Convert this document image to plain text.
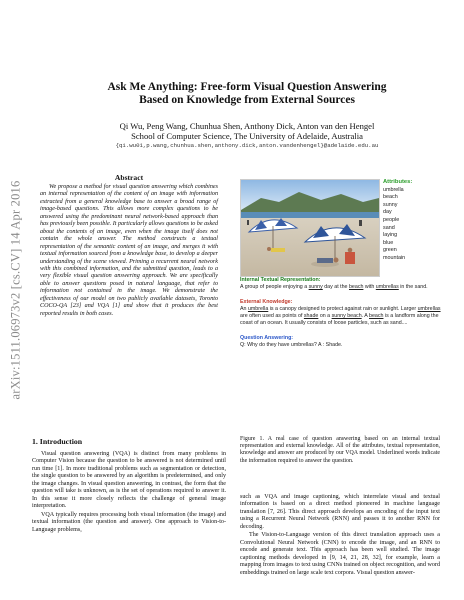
arXiv:1511.06973v2 [cs.CV] 14 Apr 2016
Ask Me Anything: Free-form Visual Question Answering
Based on Knowledge from External Sources
Qi Wu, Peng Wang, Chunhua Shen, Anthony Dick, Anton van den Hengel
School of Computer Science, The University of Adelaide, Australia
{qi.wu01,p.wang,chunhua.shen,anthony.dick,anton.vandenhengel}@adelaide.edu.au
Abstract

We propose a method for visual question answering which combines an internal representation of the content of an image with information extracted from a general knowledge base to answer a broad range of image-based questions. This allows more complex questions to be answered using the predominant neural network-based approach than has previously been possible. It particularly allows questions to be asked about the contents of an image, even when the image itself does not contain the whole answer. The method constructs a textual representation of the semantic content of an image, and merges it with textual information sourced from a knowledge base, to develop a deeper understanding of the scene viewed. Priming a recurrent neural network with this combined information, and the submitted question, leads to a very flexible visual question answering approach. We are specifically able to answer questions posed in natural language, that refer to information not contained in the image. We demonstrate the effectiveness of our model on two publicly available datasets, Toronto COCO-QA [23] and VQA [1] and show that it produces the best reported results in both cases.

1. Introduction

Visual question answering (VQA) is distinct from many problems in Computer Vision because the question to be answered is not determined until run time [1]. In more traditional problems such as segmentation or detection, the single question to be answered by an algorithm is predetermined, and only the image changes. In visual question answering, in contrast, the form that the question will take is unknown, as is the set of operations required to answer it. In this sense it more closely reflects the challenge of general image interpretation.

VQA typically requires processing both visual information (the image) and textual information (the question and answer). One approach to Vision-to-Language problems,

Attributes:
umbrella
beach
sunny
day
people
sand
laying
blue
green
mountain
Internal Textual Representation:
A group of people enjoying a sunny day at the beach with umbrellas in the sand.
External Knowledge:
An umbrella is a canopy designed to protect against rain or sunlight. Larger umbrellas are often used as points of shade on a sunny beach. A beach is a landform along the coast of an ocean. It usually consists of loose particles, such as sand....
Question Answering:
Q: Why do they have umbrellas? A : Shade.
Figure 1. A real case of question answering based on an internal textual representation and external knowledge. All of the attributes, textual representation, knowledge and answer are produced by our VQA model. Underlined words indicate the information required to answer the question.

such as VQA and image captioning, which interrelate visual and textual information is based on a direct method pioneered in machine language translation [7, 26]. This direct approach develops an encoding of the input text using a Recurrent Neural Network (RNN) and passes it to another RNN for decoding.

The Vision-to-Language version of this direct translation approach uses a Convolutional Neural Network (CNN) to encode the image, and an RNN to encode and generate text. This approach has been well studied. The image captioning methods developed in [9, 14, 21, 28, 32], for example, learn a mapping from images to text using CNNs trained on object recognition, and word embeddings trained on large scale text corpora. Visual question answer-
